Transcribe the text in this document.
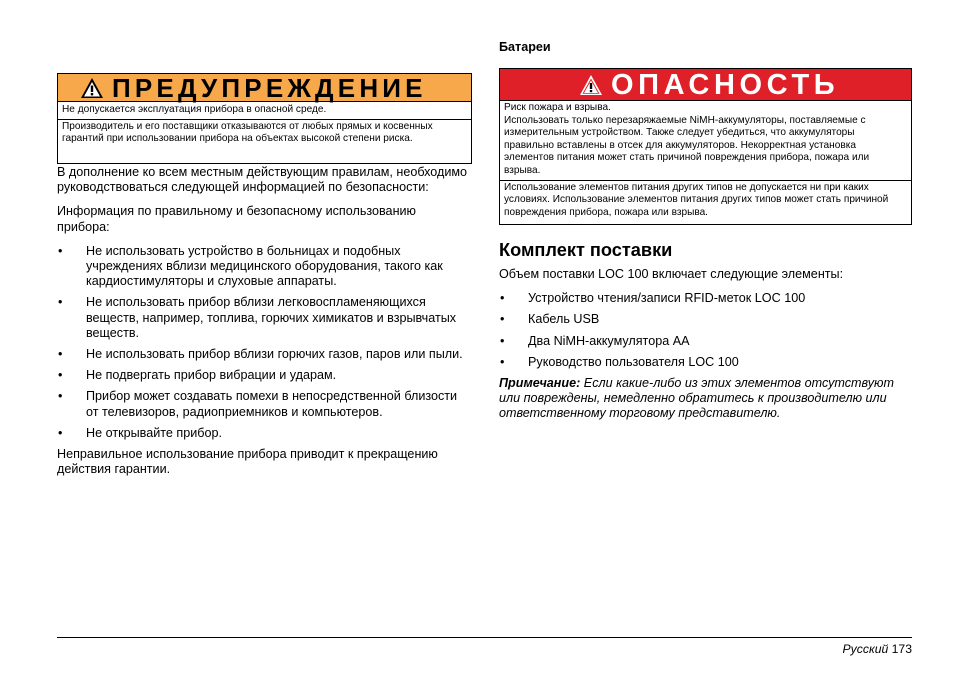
ПРЕДУПРЕЖДЕНИЕ

Не допускается эксплуатация прибора в опасной среде.

Производитель и его поставщики отказываются от любых прямых и косвенных гарантий при использовании прибора на объектах высокой степени риска.

В дополнение ко всем местным действующим правилам, необходимо руководствоваться следующей информацией по безопасности:

Информация по правильному и безопасному использованию прибора:

• Не использовать устройство в больницах и подобных учреждениях вблизи медицинского оборудования, такого как кардиостимуляторы и слуховые аппараты.
• Не использовать прибор вблизи легковоспламеняющихся веществ, например, топлива, горючих химикатов и взрывчатых веществ.
• Не использовать прибор вблизи горючих газов, паров или пыли.
• Не подвергать прибор вибрации и ударам.
• Прибор может создавать помехи в непосредственной близости от телевизоров, радиоприемников и компьютеров.
• Не открывайте прибор.

Неправильное использование прибора приводит к прекращению действия гарантии.

Батареи
ОПАСНОСТЬ

Риск пожара и взрыва.
Использовать только перезаряжаемые NiMH-аккумуляторы, поставляемые с измерительным устройством. Также следует убедиться, что аккумуляторы правильно вставлены в отсек для аккумуляторов. Некорректная установка элементов питания может стать причиной повреждения прибора, пожара или взрыва.

Использование элементов питания других типов не допускается ни при каких условиях. Использование элементов питания других типов может стать причиной повреждения прибора, пожара или взрыва.

Комплект поставки

Объем поставки LOC 100 включает следующие элементы:

• Устройство чтения/записи RFID-меток LOC 100
• Кабель USB
• Два NiMH-аккумулятора AA
• Руководство пользователя LOC 100

Примечание: Если какие-либо из этих элементов отсутствуют или повреждены, немедленно обратитесь к производителю или ответственному торговому представителю.

Русский 173
